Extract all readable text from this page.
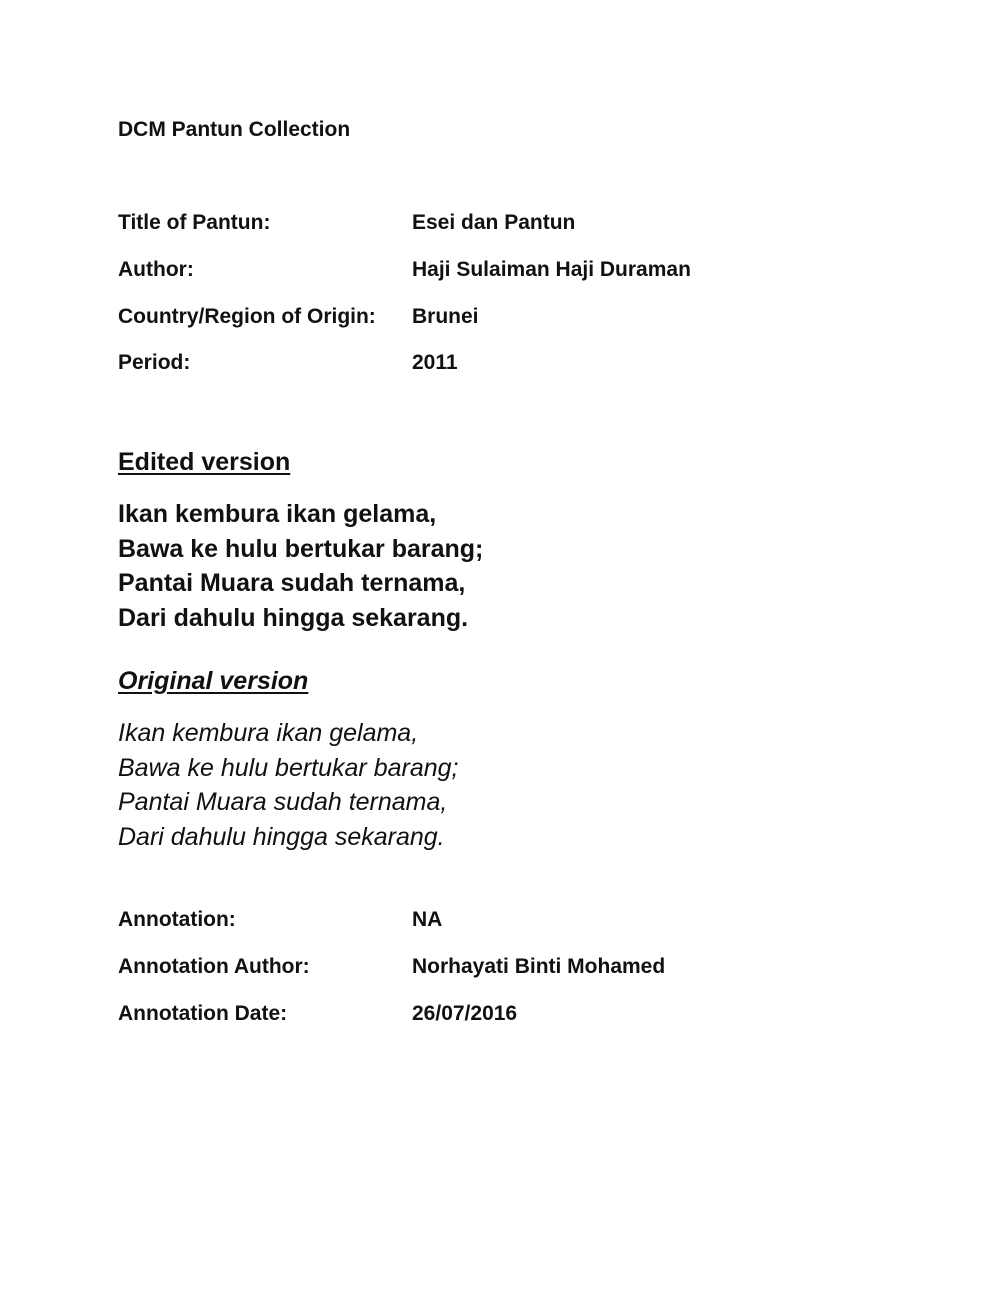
DCM Pantun Collection
Title of Pantun:	Esei dan Pantun
Author:	Haji Sulaiman Haji Duraman
Country/Region of Origin: Brunei
Period:	2011
Edited version
Ikan kembura ikan gelama,
Bawa ke hulu bertukar barang;
Pantai Muara sudah ternama,
Dari dahulu hingga sekarang.
Original version
Ikan kembura ikan gelama,
Bawa ke hulu bertukar barang;
Pantai Muara sudah ternama,
Dari dahulu hingga sekarang.
Annotation:	NA
Annotation Author:	Norhayati Binti Mohamed
Annotation Date:	26/07/2016
